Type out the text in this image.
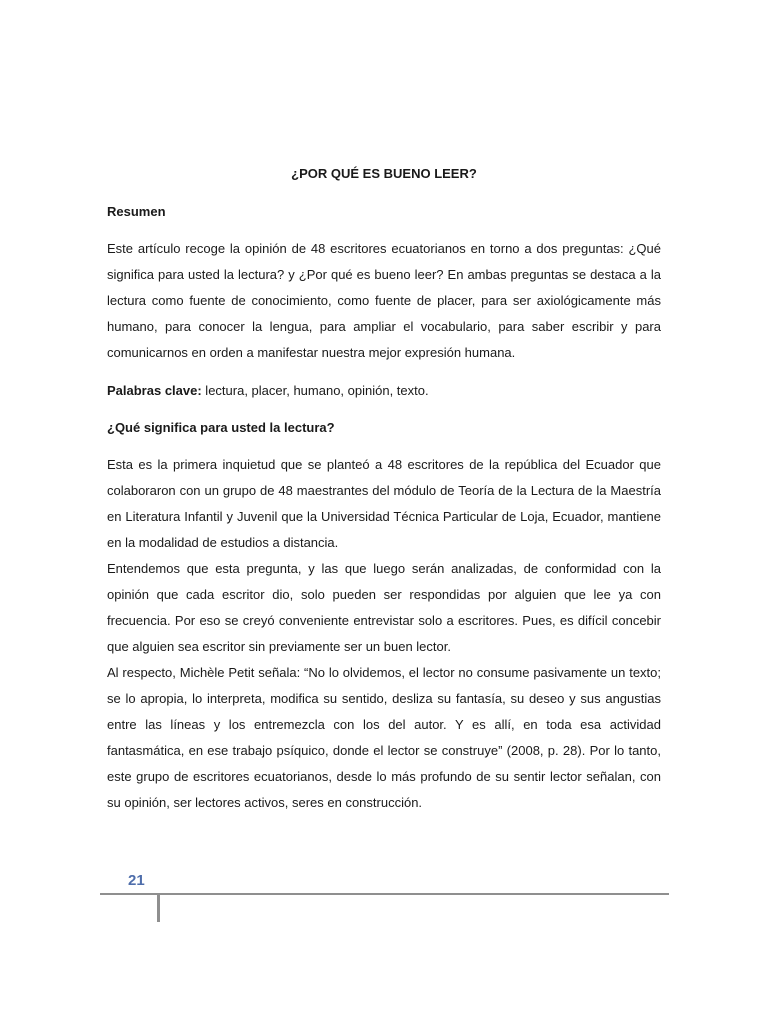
¿POR QUÉ ES BUENO LEER?

Resumen

Este artículo recoge la opinión de 48 escritores ecuatorianos en torno a dos preguntas: ¿Qué significa para usted la lectura? y ¿Por qué es bueno leer? En ambas preguntas se destaca a la lectura como fuente de conocimiento, como fuente de placer, para ser axiológicamente más humano, para conocer la lengua, para ampliar el vocabulario, para saber escribir y para comunicarnos en orden a manifestar nuestra mejor expresión humana.

Palabras clave: lectura, placer, humano, opinión, texto.

¿Qué significa para usted la lectura?

Esta es la primera inquietud que se planteó a 48 escritores de la república del Ecuador que colaboraron con un grupo de 48 maestrantes del módulo de Teoría de la Lectura de la Maestría en Literatura Infantil y Juvenil que la Universidad Técnica Particular de Loja, Ecuador, mantiene en la modalidad de estudios a distancia.

Entendemos que esta pregunta, y las que luego serán analizadas, de conformidad con la opinión que cada escritor dio, solo pueden ser respondidas por alguien que lee ya con frecuencia. Por eso se creyó conveniente entrevistar solo a escritores. Pues, es difícil concebir que alguien sea escritor sin previamente ser un buen lector.

Al respecto, Michèle Petit señala: “No lo olvidemos, el lector no consume pasivamente un texto; se lo apropia, lo interpreta, modifica su sentido, desliza su fantasía, su deseo y sus angustias entre las líneas y los entremezcla con los del autor. Y es allí, en toda esa actividad fantasmática, en ese trabajo psíquico, donde el lector se construye” (2008, p. 28). Por lo tanto, este grupo de escritores ecuatorianos, desde lo más profundo de su sentir lector señalan, con su opinión, ser lectores activos, seres en construcción.

21
